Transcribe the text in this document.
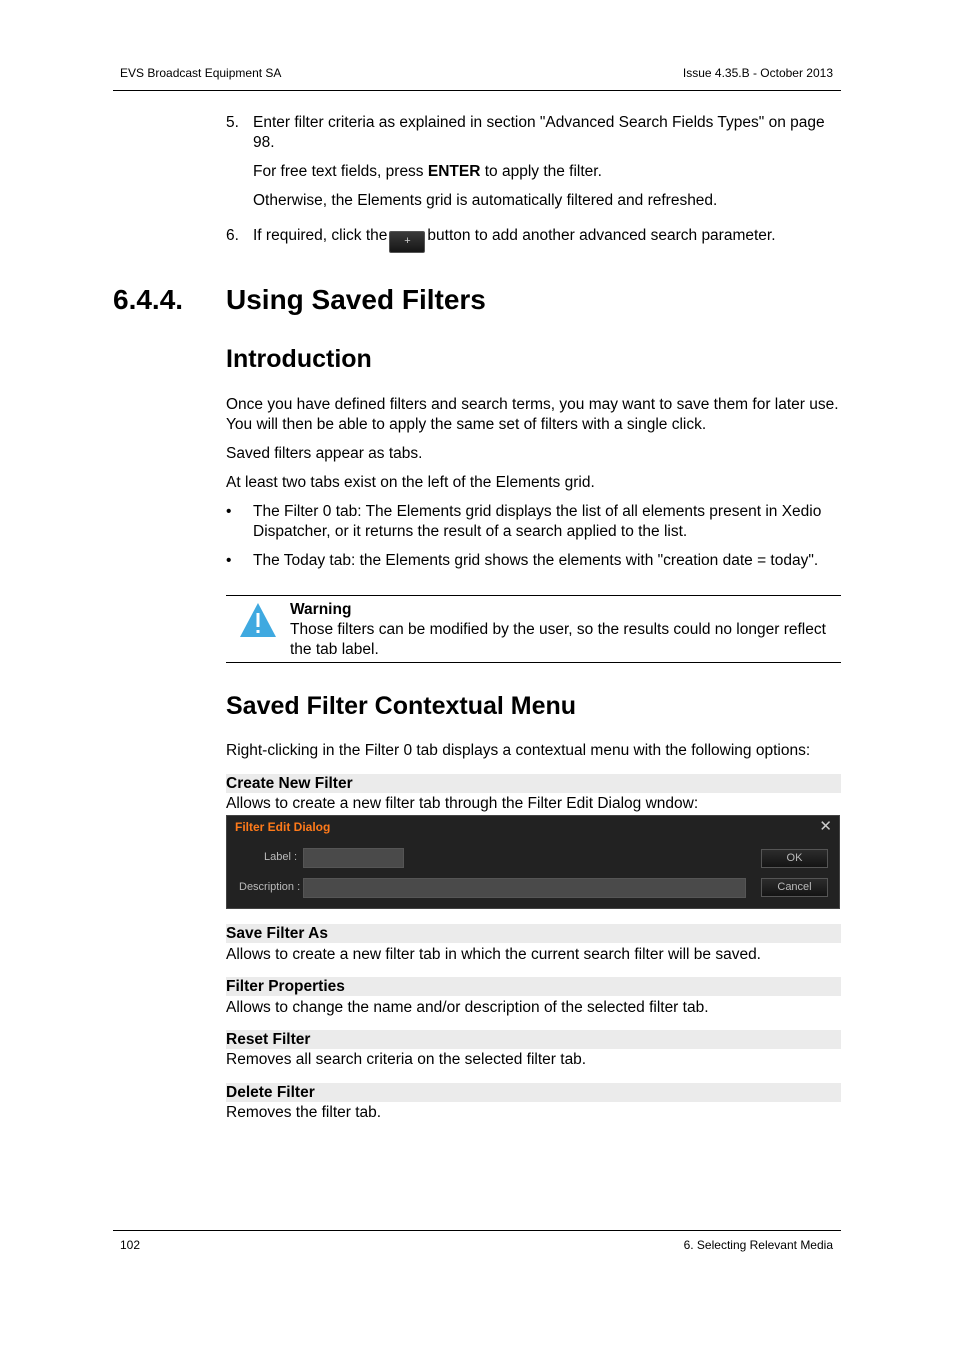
EVS Broadcast Equipment SA	Issue 4.35.B - October 2013
5. Enter filter criteria as explained in section "Advanced Search Fields Types" on page
98.
For free text fields, press ENTER to apply the filter.
Otherwise, the Elements grid is automatically filtered and refreshed.
6. If required, click the + button to add another advanced search parameter.
6.4.4. Using Saved Filters
Introduction
Once you have defined filters and search terms, you may want to save them for later use.
You will then be able to apply the same set of filters with a single click.
Saved filters appear as tabs.
At least two tabs exist on the left of the Elements grid.
• The Filter 0 tab: The Elements grid displays the list of all elements present in Xedio
Dispatcher, or it returns the result of a search applied to the list.
• The Today tab: the Elements grid shows the elements with "creation date = today".
Warning
Those filters can be modified by the user, so the results could no longer reflect
the tab label.
Saved Filter Contextual Menu
Right-clicking in the Filter 0 tab displays a contextual menu with the following options:
Create New Filter
Allows to create a new filter tab through the Filter Edit Dialog wndow:
Filter Edit Dialog	✕
Label :
Description :
OK
Cancel
Save Filter As
Allows to create a new filter tab in which the current search filter will be saved.
Filter Properties
Allows to change the name and/or description of the selected filter tab.
Reset Filter
Removes all search criteria on the selected filter tab.
Delete Filter
Removes the filter tab.
102	6. Selecting Relevant Media
